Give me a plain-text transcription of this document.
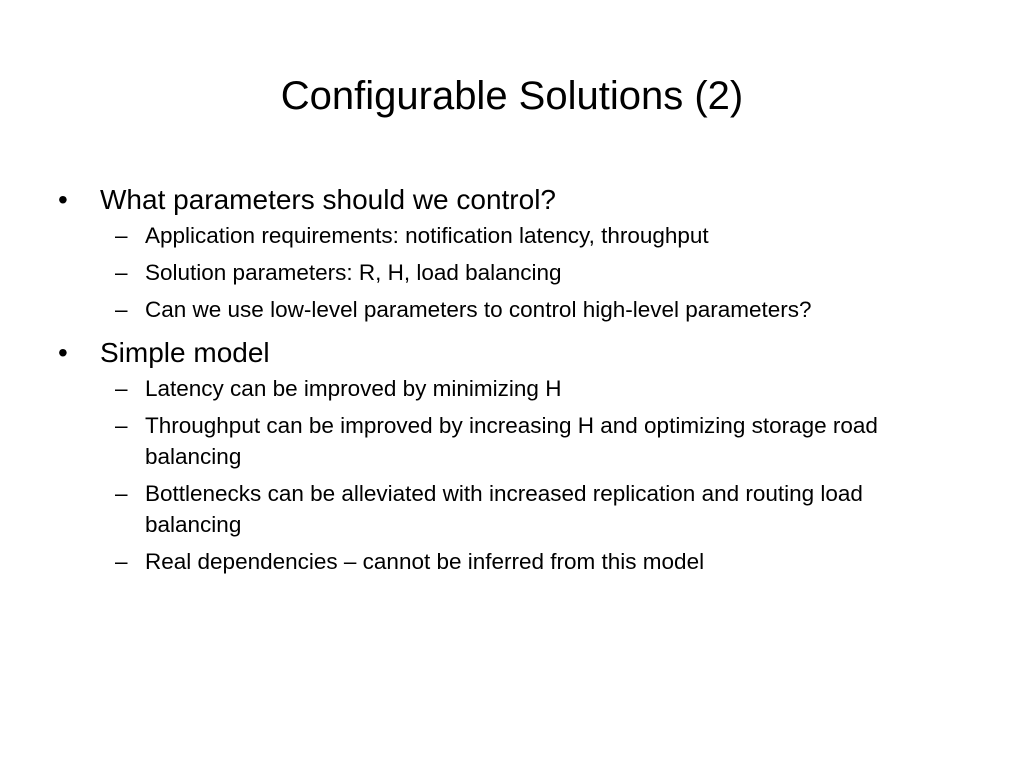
Configurable Solutions (2)
•	What parameters should we control?
– Application requirements: notification latency, throughput
– Solution parameters: R, H, load balancing
– Can we use low-level parameters to control high-level parameters?
•	Simple model
– Latency can be improved by minimizing H
– Throughput can be improved by increasing H and optimizing storage road balancing
– Bottlenecks can be alleviated with increased replication and routing load balancing
– Real dependencies – cannot be inferred from this model
